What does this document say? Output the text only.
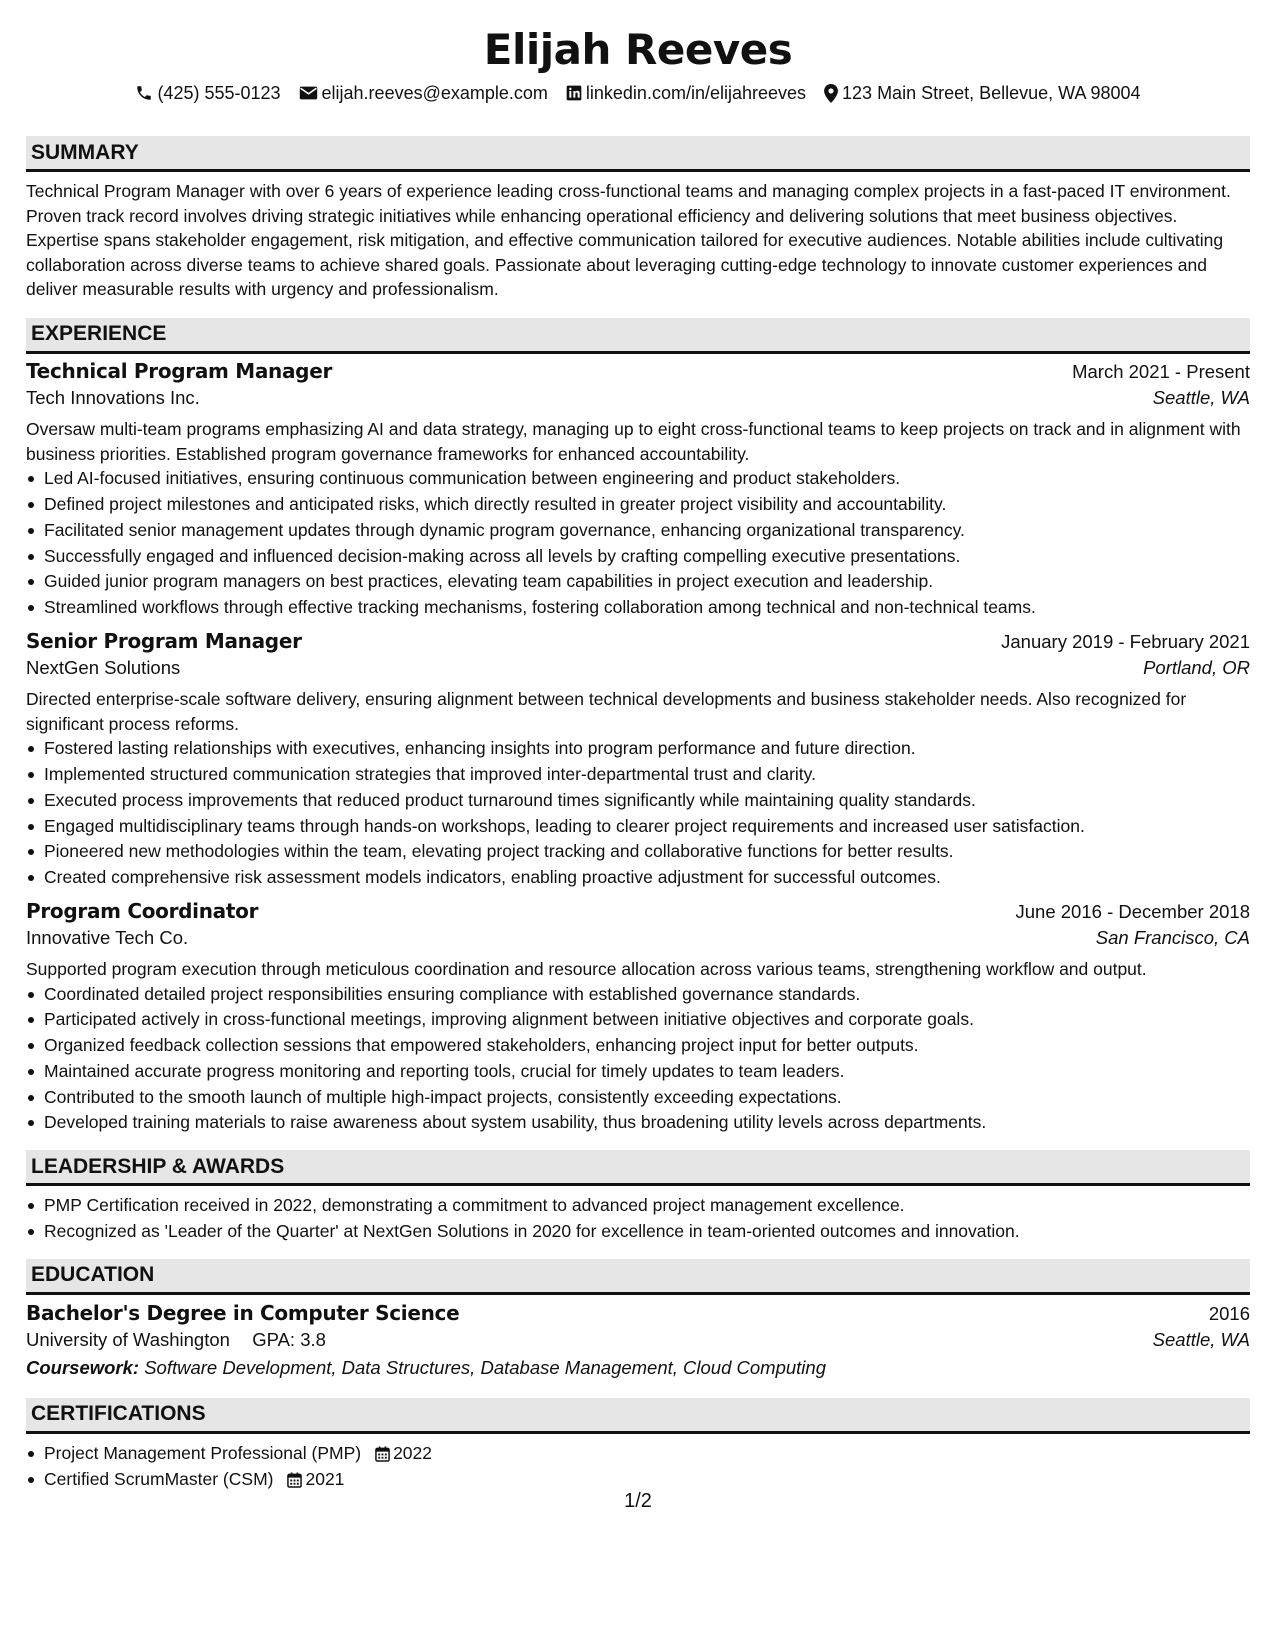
Elijah Reeves
(425) 555-0123 elijah.reeves@example.com linkedin.com/in/elijahreeves 123 Main Street, Bellevue, WA 98004
SUMMARY

Technical Program Manager with over 6 years of experience leading cross-functional teams and managing complex projects in a fast-paced IT environment. Proven track record involves driving strategic initiatives while enhancing operational efficiency and delivering solutions that meet business objectives. Expertise spans stakeholder engagement, risk mitigation, and effective communication tailored for executive audiences. Notable abilities include cultivating collaboration across diverse teams to achieve shared goals. Passionate about leveraging cutting-edge technology to innovate customer experiences and deliver measurable results with urgency and professionalism.

EXPERIENCE
Technical Program Manager	March 2021 - Present
Tech Innovations Inc.	Seattle, WA

Oversaw multi-team programs emphasizing AI and data strategy, managing up to eight cross-functional teams to keep projects on track and in alignment with business priorities. Established program governance frameworks for enhanced accountability.

Led AI-focused initiatives, ensuring continuous communication between engineering and product stakeholders.
Defined project milestones and anticipated risks, which directly resulted in greater project visibility and accountability.
Facilitated senior management updates through dynamic program governance, enhancing organizational transparency.
Successfully engaged and influenced decision-making across all levels by crafting compelling executive presentations.
Guided junior program managers on best practices, elevating team capabilities in project execution and leadership.
Streamlined workflows through effective tracking mechanisms, fostering collaboration among technical and non-technical teams.
Senior Program Manager	January 2019 - February 2021
NextGen Solutions	Portland, OR

Directed enterprise-scale software delivery, ensuring alignment between technical developments and business stakeholder needs. Also recognized for significant process reforms.

Fostered lasting relationships with executives, enhancing insights into program performance and future direction.
Implemented structured communication strategies that improved inter-departmental trust and clarity.
Executed process improvements that reduced product turnaround times significantly while maintaining quality standards.
Engaged multidisciplinary teams through hands-on workshops, leading to clearer project requirements and increased user satisfaction.
Pioneered new methodologies within the team, elevating project tracking and collaborative functions for better results.
Created comprehensive risk assessment models indicators, enabling proactive adjustment for successful outcomes.
Program Coordinator	June 2016 - December 2018
Innovative Tech Co.	San Francisco, CA

Supported program execution through meticulous coordination and resource allocation across various teams, strengthening workflow and output.

Coordinated detailed project responsibilities ensuring compliance with established governance standards.
Participated actively in cross-functional meetings, improving alignment between initiative objectives and corporate goals.
Organized feedback collection sessions that empowered stakeholders, enhancing project input for better outputs.
Maintained accurate progress monitoring and reporting tools, crucial for timely updates to team leaders.
Contributed to the smooth launch of multiple high-impact projects, consistently exceeding expectations.
Developed training materials to raise awareness about system usability, thus broadening utility levels across departments.
LEADERSHIP & AWARDS
PMP Certification received in 2022, demonstrating a commitment to advanced project management excellence.
Recognized as 'Leader of the Quarter' at NextGen Solutions in 2020 for excellence in team-oriented outcomes and innovation.
EDUCATION
Bachelor's Degree in Computer Science	2016
University of Washington GPA: 3.8	Seattle, WA
Coursework: Software Development, Data Structures, Database Management, Cloud Computing
CERTIFICATIONS
Project Management Professional (PMP) 2022
Certified ScrumMaster (CSM) 2021
1/2
